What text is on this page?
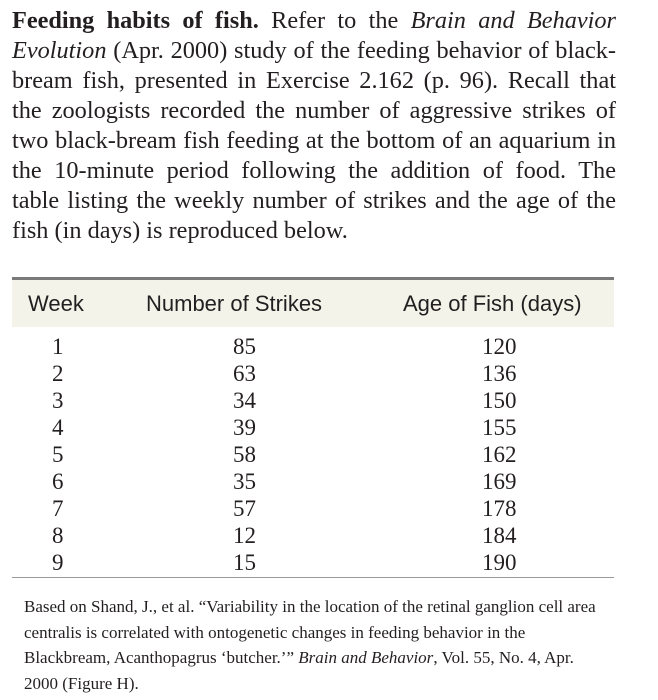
Feeding habits of fish. Refer to the Brain and Behavior Evolution (Apr. 2000) study of the feeding behavior of black-bream fish, presented in Exercise 2.162 (p. 96). Recall that the zoologists recorded the number of aggressive strikes of two black-bream fish feeding at the bottom of an aquarium in the 10-minute period following the addition of food. The table listing the weekly number of strikes and the age of the fish (in days) is reproduced below.

Week	Number of Strikes	Age of Fish (days)
1	85	120
2	63	136
3	34	150
4	39	155
5	58	162
6	35	169
7	57	178
8	12	184
9	15	190

Based on Shand, J., et al. “Variability in the location of the retinal ganglion cell area centralis is correlated with ontogenetic changes in feeding behavior in the Blackbream, Acanthopagrus ‘butcher.’” Brain and Behavior, Vol. 55, No. 4, Apr. 2000 (Figure H).
